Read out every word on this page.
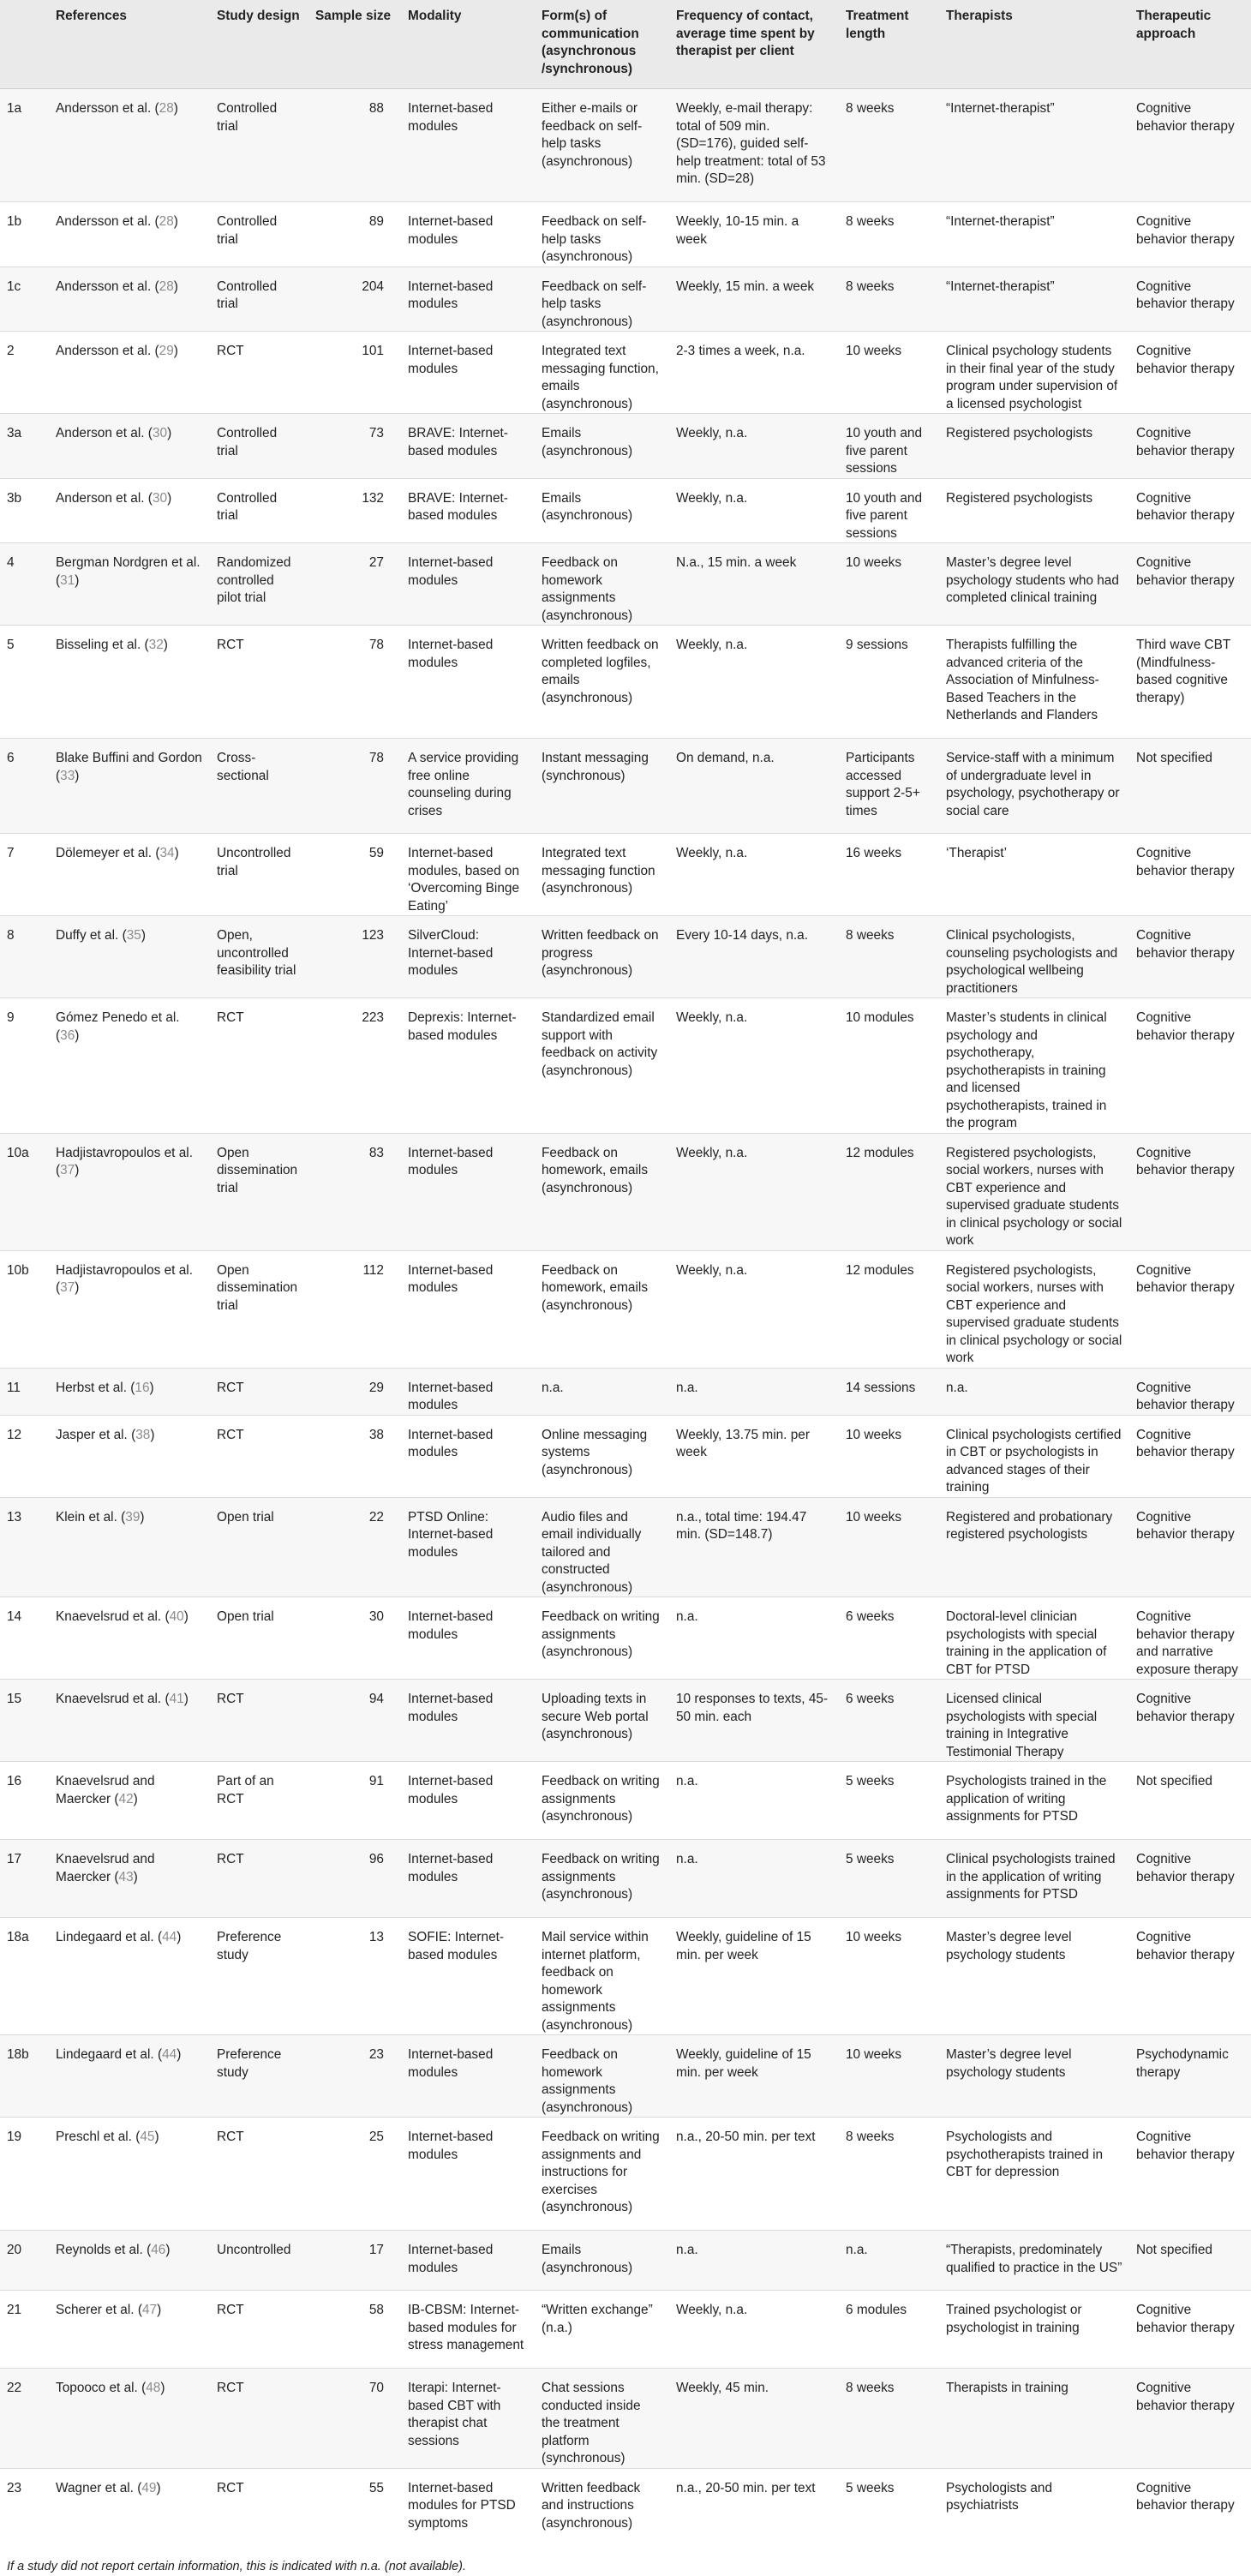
	References	Study design	Sample size	Modality	Form(s) of communication (asynchronous /synchronous)	Frequency of contact, average time spent by therapist per client	Treatment length	Therapists	Therapeutic approach
1a	Andersson et al. (28)	Controlled trial	88	Internet-based modules	Either e-mails or feedback on self-help tasks (asynchronous)	Weekly, e-mail therapy: total of 509 min. (SD=176), guided self-help treatment: total of 53 min. (SD=28)	8 weeks	“Internet-therapist”	Cognitive behavior therapy
1b	Andersson et al. (28)	Controlled trial	89	Internet-based modules	Feedback on self-help tasks (asynchronous)	Weekly, 10-15 min. a week	8 weeks	“Internet-therapist”	Cognitive behavior therapy
1c	Andersson et al. (28)	Controlled trial	204	Internet-based modules	Feedback on self-help tasks (asynchronous)	Weekly, 15 min. a week	8 weeks	“Internet-therapist”	Cognitive behavior therapy
2	Andersson et al. (29)	RCT	101	Internet-based modules	Integrated text messaging function, emails (asynchronous)	2-3 times a week, n.a.	10 weeks	Clinical psychology students in their final year of the study program under supervision of a licensed psychologist	Cognitive behavior therapy
3a	Anderson et al. (30)	Controlled trial	73	BRAVE: Internet-based modules	Emails (asynchronous)	Weekly, n.a.	10 youth and five parent sessions	Registered psychologists	Cognitive behavior therapy
3b	Anderson et al. (30)	Controlled trial	132	BRAVE: Internet-based modules	Emails (asynchronous)	Weekly, n.a.	10 youth and five parent sessions	Registered psychologists	Cognitive behavior therapy
4	Bergman Nordgren et al. (31)	Randomized controlled pilot trial	27	Internet-based modules	Feedback on homework assignments (asynchronous)	N.a., 15 min. a week	10 weeks	Master’s degree level psychology students who had completed clinical training	Cognitive behavior therapy
5	Bisseling et al. (32)	RCT	78	Internet-based modules	Written feedback on completed logfiles, emails (asynchronous)	Weekly, n.a.	9 sessions	Therapists fulfilling the advanced criteria of the Association of Minfulness-Based Teachers in the Netherlands and Flanders	Third wave CBT (Mindfulness-based cognitive therapy)
6	Blake Buffini and Gordon (33)	Cross-sectional	78	A service providing free online counseling during crises	Instant messaging (synchronous)	On demand, n.a.	Participants accessed support 2-5+ times	Service-staff with a minimum of undergraduate level in psychology, psychotherapy or social care	Not specified
7	Dölemeyer et al. (34)	Uncontrolled trial	59	Internet-based modules, based on ‘Overcoming Binge Eating’	Integrated text messaging function (asynchronous)	Weekly, n.a.	16 weeks	‘Therapist’	Cognitive behavior therapy
8	Duffy et al. (35)	Open, uncontrolled feasibility trial	123	SilverCloud: Internet-based modules	Written feedback on progress (asynchronous)	Every 10-14 days, n.a.	8 weeks	Clinical psychologists, counseling psychologists and psychological wellbeing practitioners	Cognitive behavior therapy
9	Gómez Penedo et al. (36)	RCT	223	Deprexis: Internet-based modules	Standardized email support with feedback on activity (asynchronous)	Weekly, n.a.	10 modules	Master’s students in clinical psychology and psychotherapy, psychotherapists in training and licensed psychotherapists, trained in the program	Cognitive behavior therapy
10a	Hadjistavropoulos et al. (37)	Open dissemination trial	83	Internet-based modules	Feedback on homework, emails (asynchronous)	Weekly, n.a.	12 modules	Registered psychologists, social workers, nurses with CBT experience and supervised graduate students in clinical psychology or social work	Cognitive behavior therapy
10b	Hadjistavropoulos et al. (37)	Open dissemination trial	112	Internet-based modules	Feedback on homework, emails (asynchronous)	Weekly, n.a.	12 modules	Registered psychologists, social workers, nurses with CBT experience and supervised graduate students in clinical psychology or social work	Cognitive behavior therapy
11	Herbst et al. (16)	RCT	29	Internet-based modules	n.a.	n.a.	14 sessions	n.a.	Cognitive behavior therapy
12	Jasper et al. (38)	RCT	38	Internet-based modules	Online messaging systems (asynchronous)	Weekly, 13.75 min. per week	10 weeks	Clinical psychologists certified in CBT or psychologists in advanced stages of their training	Cognitive behavior therapy
13	Klein et al. (39)	Open trial	22	PTSD Online: Internet-based modules	Audio files and email individually tailored and constructed (asynchronous)	n.a., total time: 194.47 min. (SD=148.7)	10 weeks	Registered and probationary registered psychologists	Cognitive behavior therapy
14	Knaevelsrud et al. (40)	Open trial	30	Internet-based modules	Feedback on writing assignments (asynchronous)	n.a.	6 weeks	Doctoral-level clinician psychologists with special training in the application of CBT for PTSD	Cognitive behavior therapy and narrative exposure therapy
15	Knaevelsrud et al. (41)	RCT	94	Internet-based modules	Uploading texts in secure Web portal (asynchronous)	10 responses to texts, 45-50 min. each	6 weeks	Licensed clinical psychologists with special training in Integrative Testimonial Therapy	Cognitive behavior therapy
16	Knaevelsrud and Maercker (42)	Part of an RCT	91	Internet-based modules	Feedback on writing assignments (asynchronous)	n.a.	5 weeks	Psychologists trained in the application of writing assignments for PTSD	Not specified
17	Knaevelsrud and Maercker (43)	RCT	96	Internet-based modules	Feedback on writing assignments (asynchronous)	n.a.	5 weeks	Clinical psychologists trained in the application of writing assignments for PTSD	Cognitive behavior therapy
18a	Lindegaard et al. (44)	Preference study	13	SOFIE: Internet-based modules	Mail service within internet platform, feedback on homework assignments (asynchronous)	Weekly, guideline of 15 min. per week	10 weeks	Master’s degree level psychology students	Cognitive behavior therapy
18b	Lindegaard et al. (44)	Preference study	23	Internet-based modules	Feedback on homework assignments (asynchronous)	Weekly, guideline of 15 min. per week	10 weeks	Master’s degree level psychology students	Psychodynamic therapy
19	Preschl et al. (45)	RCT	25	Internet-based modules	Feedback on writing assignments and instructions for exercises (asynchronous)	n.a., 20-50 min. per text	8 weeks	Psychologists and psychotherapists trained in CBT for depression	Cognitive behavior therapy
20	Reynolds et al. (46)	Uncontrolled	17	Internet-based modules	Emails (asynchronous)	n.a.	n.a.	“Therapists, predominately qualified to practice in the US”	Not specified
21	Scherer et al. (47)	RCT	58	IB-CBSM: Internet-based modules for stress management	“Written exchange” (n.a.)	Weekly, n.a.	6 modules	Trained psychologist or psychologist in training	Cognitive behavior therapy
22	Topooco et al. (48)	RCT	70	Iterapi: Internet-based CBT with therapist chat sessions	Chat sessions conducted inside the treatment platform (synchronous)	Weekly, 45 min.	8 weeks	Therapists in training	Cognitive behavior therapy
23	Wagner et al. (49)	RCT	55	Internet-based modules for PTSD symptoms	Written feedback and instructions (asynchronous)	n.a., 20-50 min. per text	5 weeks	Psychologists and psychiatrists	Cognitive behavior therapy
If a study did not report certain information, this is indicated with n.a. (not available).
